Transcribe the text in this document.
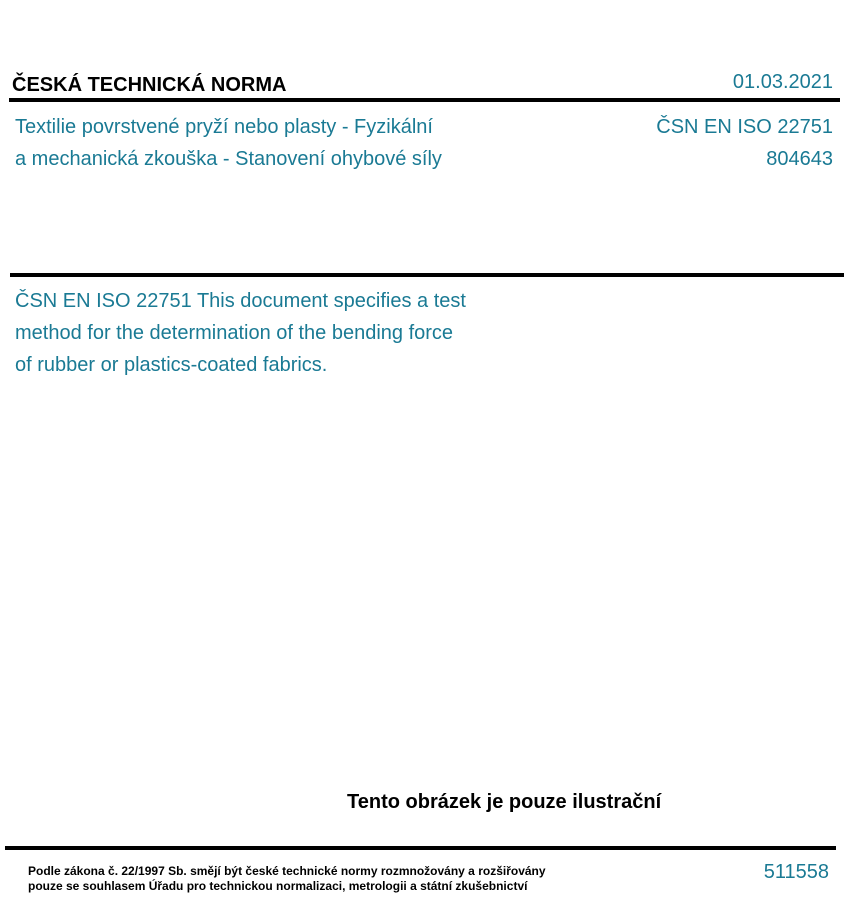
ČESKÁ TECHNICKÁ NORMA	01.03.2021
Textilie povrstvené pryží nebo plasty - Fyzikální
a mechanická zkouška - Stanovení ohybové síly
ČSN EN ISO 22751
804643
ČSN EN ISO 22751 This document specifies a test
method for the determination of the bending force
of rubber or plastics-coated fabrics.
Tento obrázek je pouze ilustrační
Podle zákona č. 22/1997 Sb. smějí být české technické normy rozmnožovány a rozšiřovány
pouze se souhlasem Úřadu pro technickou normalizaci, metrologii a státní zkušebnictví
511558
